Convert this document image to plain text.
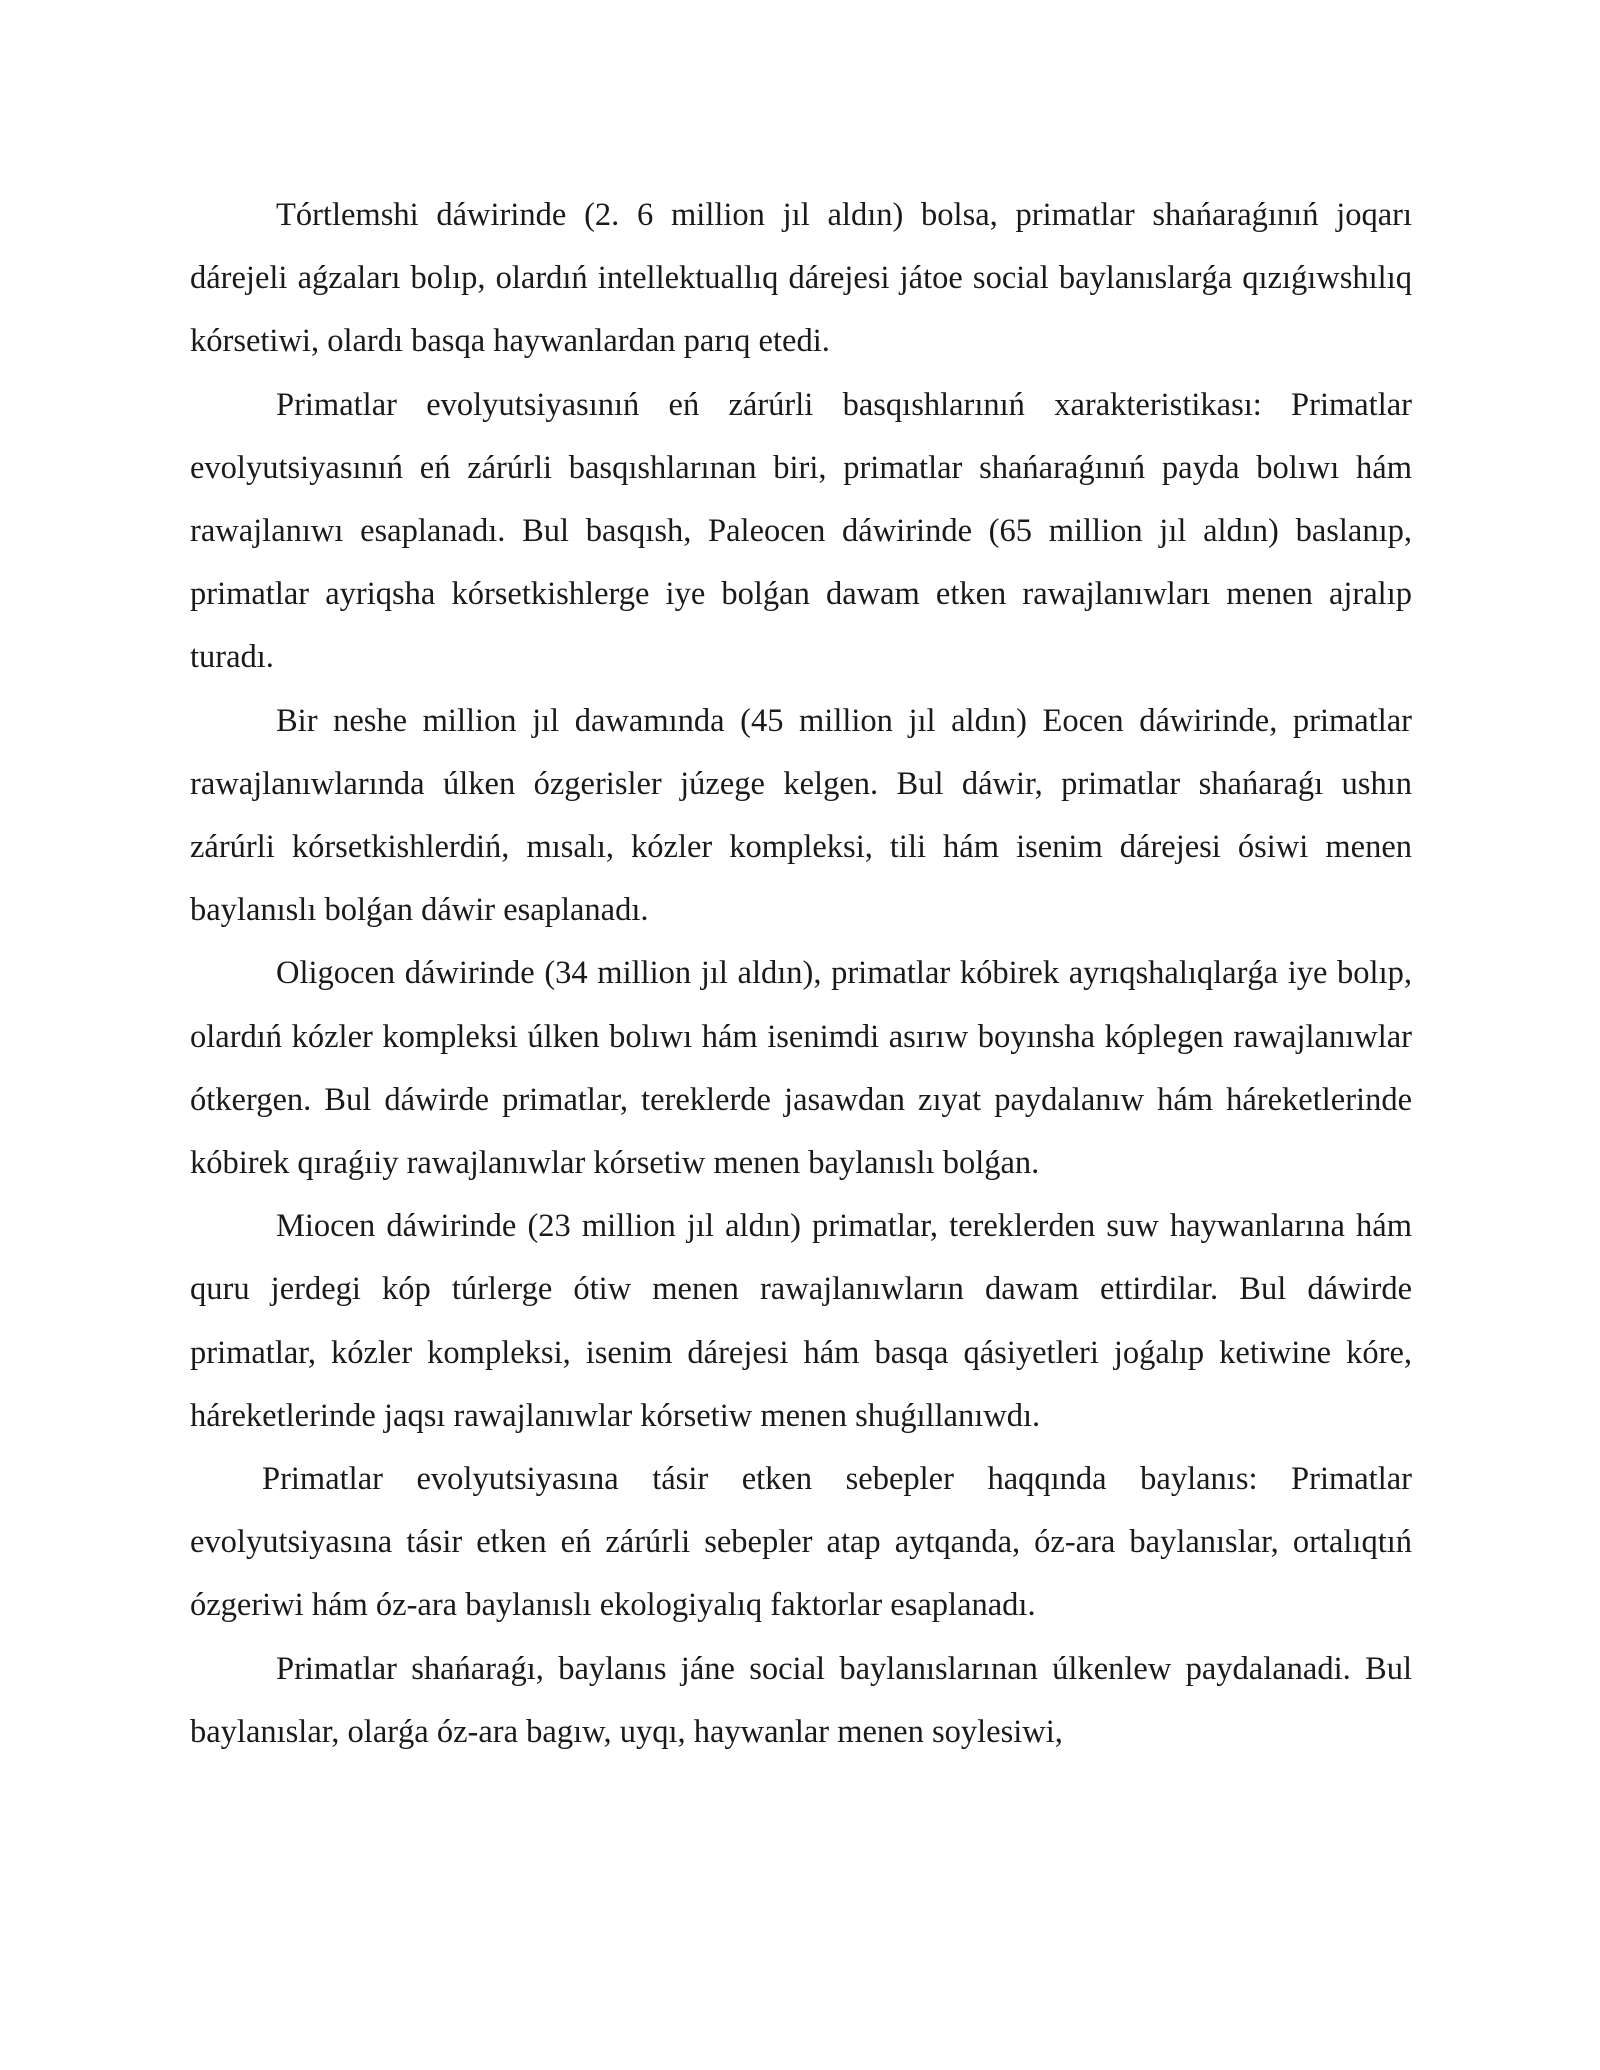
Tórtlemshi dáwirinde (2. 6 million jıl aldın) bolsa, primatlar shańaraǵınıń joqarı dárejeli aǵzaları bolıp, olardıń intellektuallıq dárejesi játoe social baylanıslarǵa qızıǵıwshılıq kórsetiwi, olardı basqa haywanlardan parıq etedi.

Primatlar evolyutsiyasınıń eń zárúrli basqıshlarınıń xarakteristikası: Primatlar evolyutsiyasınıń eń zárúrli basqıshlarınan biri, primatlar shańaraǵınıń payda bolıwı hám rawajlanıwı esaplanadı. Bul basqısh, Paleocen dáwirinde (65 million jıl aldın) baslanıp, primatlar ayriqsha kórsetkishlerge iye bolǵan dawam etken rawajlanıwları menen ajralıp turadı.

Bir neshe million jıl dawamında (45 million jıl aldın) Eocen dáwirinde, primatlar rawajlanıwlarında úlken ózgerisler júzege kelgen. Bul dáwir, primatlar shańaraǵı ushın zárúrli kórsetkishlerdiń, mısalı, kózler kompleksi, tili hám isenim dárejesi ósiwi menen baylanıslı bolǵan dáwir esaplanadı.

Oligocen dáwirinde (34 million jıl aldın), primatlar kóbirek ayrıqshalıqlarǵa iye bolıp, olardıń kózler kompleksi úlken bolıwı hám isenimdi asırıw boyınsha kóplegen rawajlanıwlar ótkergen. Bul dáwirde primatlar, tereklerde jasawdan zıyat paydalanıw hám háreketlerinde kóbirek qıraǵıiy rawajlanıwlar kórsetiw menen baylanıslı bolǵan.

Miocen dáwirinde (23 million jıl aldın) primatlar, tereklerden suw haywanlarına hám quru jerdegi kóp túrlerge ótiw menen rawajlanıwların dawam ettirdilar. Bul dáwirde primatlar, kózler kompleksi, isenim dárejesi hám basqa qásiyetleri joǵalıp ketiwine kóre, háreketlerinde jaqsı rawajlanıwlar kórsetiw menen shuǵıllanıwdı.

Primatlar evolyutsiyasına tásir etken sebepler haqqında baylanıs: Primatlar evolyutsiyasına tásir etken eń zárúrli sebepler atap aytqanda, óz-ara baylanıslar, ortalıqtıń ózgeriwi hám óz-ara baylanıslı ekologiyalıq faktorlar esaplanadı.

Primatlar shańaraǵı, baylanıs jáne social baylanıslarınan úlkenlew paydalanadi. Bul baylanıslar, olarǵa óz-ara bagıw, uyqı, haywanlar menen soylesiwi,
